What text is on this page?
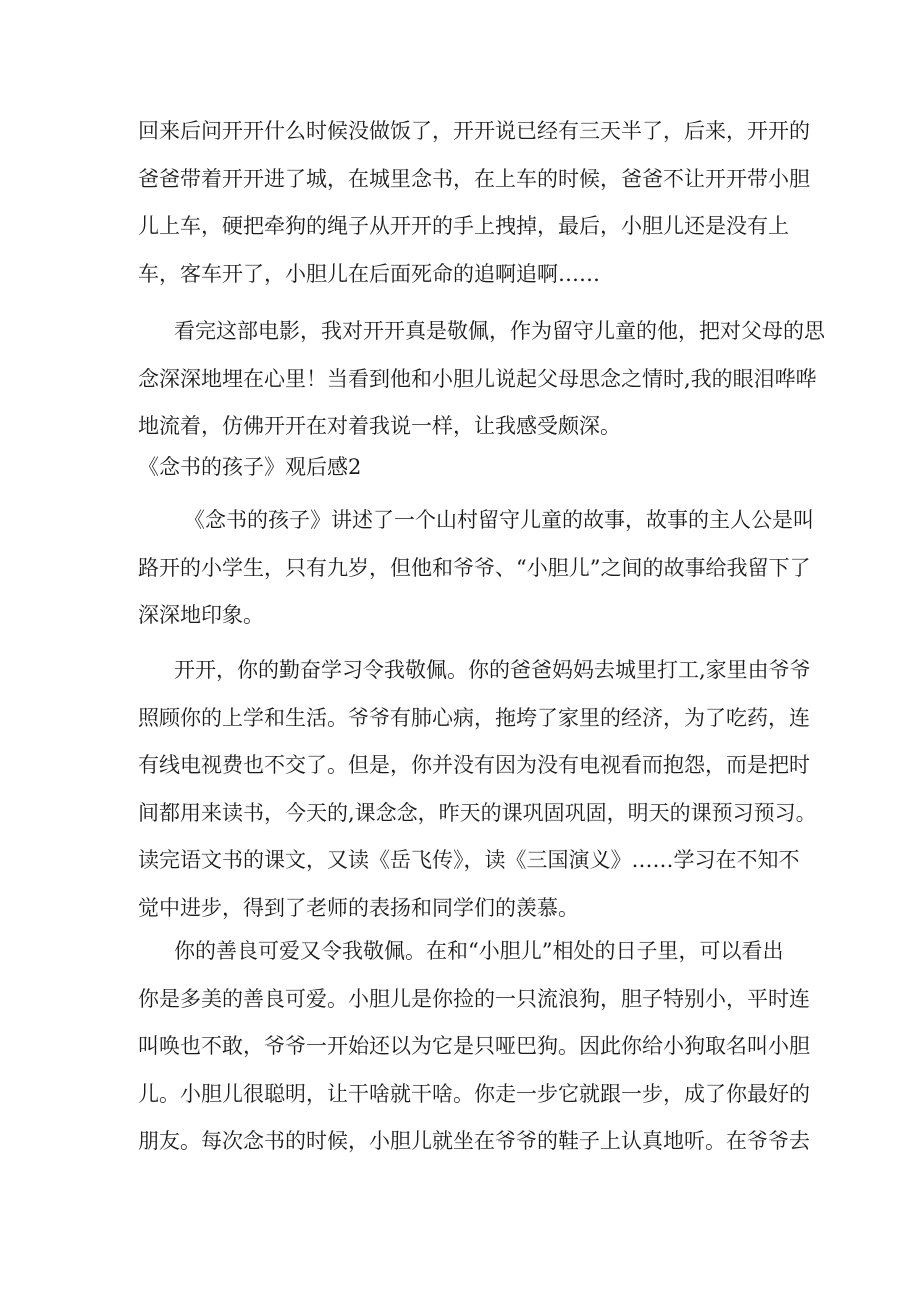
回来后问开开什么时候没做饭了，开开说已经有三天半了，后来，开开的
爸爸带着开开进了城，在城里念书，在上车的时候，爸爸不让开开带小胆
儿上车，硬把牵狗的绳子从开开的手上拽掉，最后，小胆儿还是没有上
车，客车开了，小胆儿在后面死命的追啊追啊……
看完这部电影，我对开开真是敬佩，作为留守儿童的他，把对父母的思
念深深地埋在心里！当看到他和小胆儿说起父母思念之情时,我的眼泪哗哗
地流着，仿佛开开在对着我说一样，让我感受颇深。
《念书的孩子》观后感2
《念书的孩子》讲述了一个山村留守儿童的故事，故事的主人公是叫
路开的小学生，只有九岁，但他和爷爷、“小胆儿”之间的故事给我留下了
深深地印象。
开开，你的勤奋学习令我敬佩。你的爸爸妈妈去城里打工,家里由爷爷
照顾你的上学和生活。爷爷有肺心病，拖垮了家里的经济，为了吃药，连
有线电视费也不交了。但是，你并没有因为没有电视看而抱怨，而是把时
间都用来读书，今天的,课念念，昨天的课巩固巩固，明天的课预习预习。
读完语文书的课文，又读《岳飞传》，读《三国演义》……学习在不知不
觉中进步，得到了老师的表扬和同学们的羡慕。
你的善良可爱又令我敬佩。在和“小胆儿”相处的日子里，可以看出
你是多美的善良可爱。小胆儿是你捡的一只流浪狗，胆子特别小，平时连
叫唤也不敢，爷爷一开始还以为它是只哑巴狗。因此你给小狗取名叫小胆
儿。小胆儿很聪明，让干啥就干啥。你走一步它就跟一步，成了你最好的
朋友。每次念书的时候，小胆儿就坐在爷爷的鞋子上认真地听。在爷爷去
